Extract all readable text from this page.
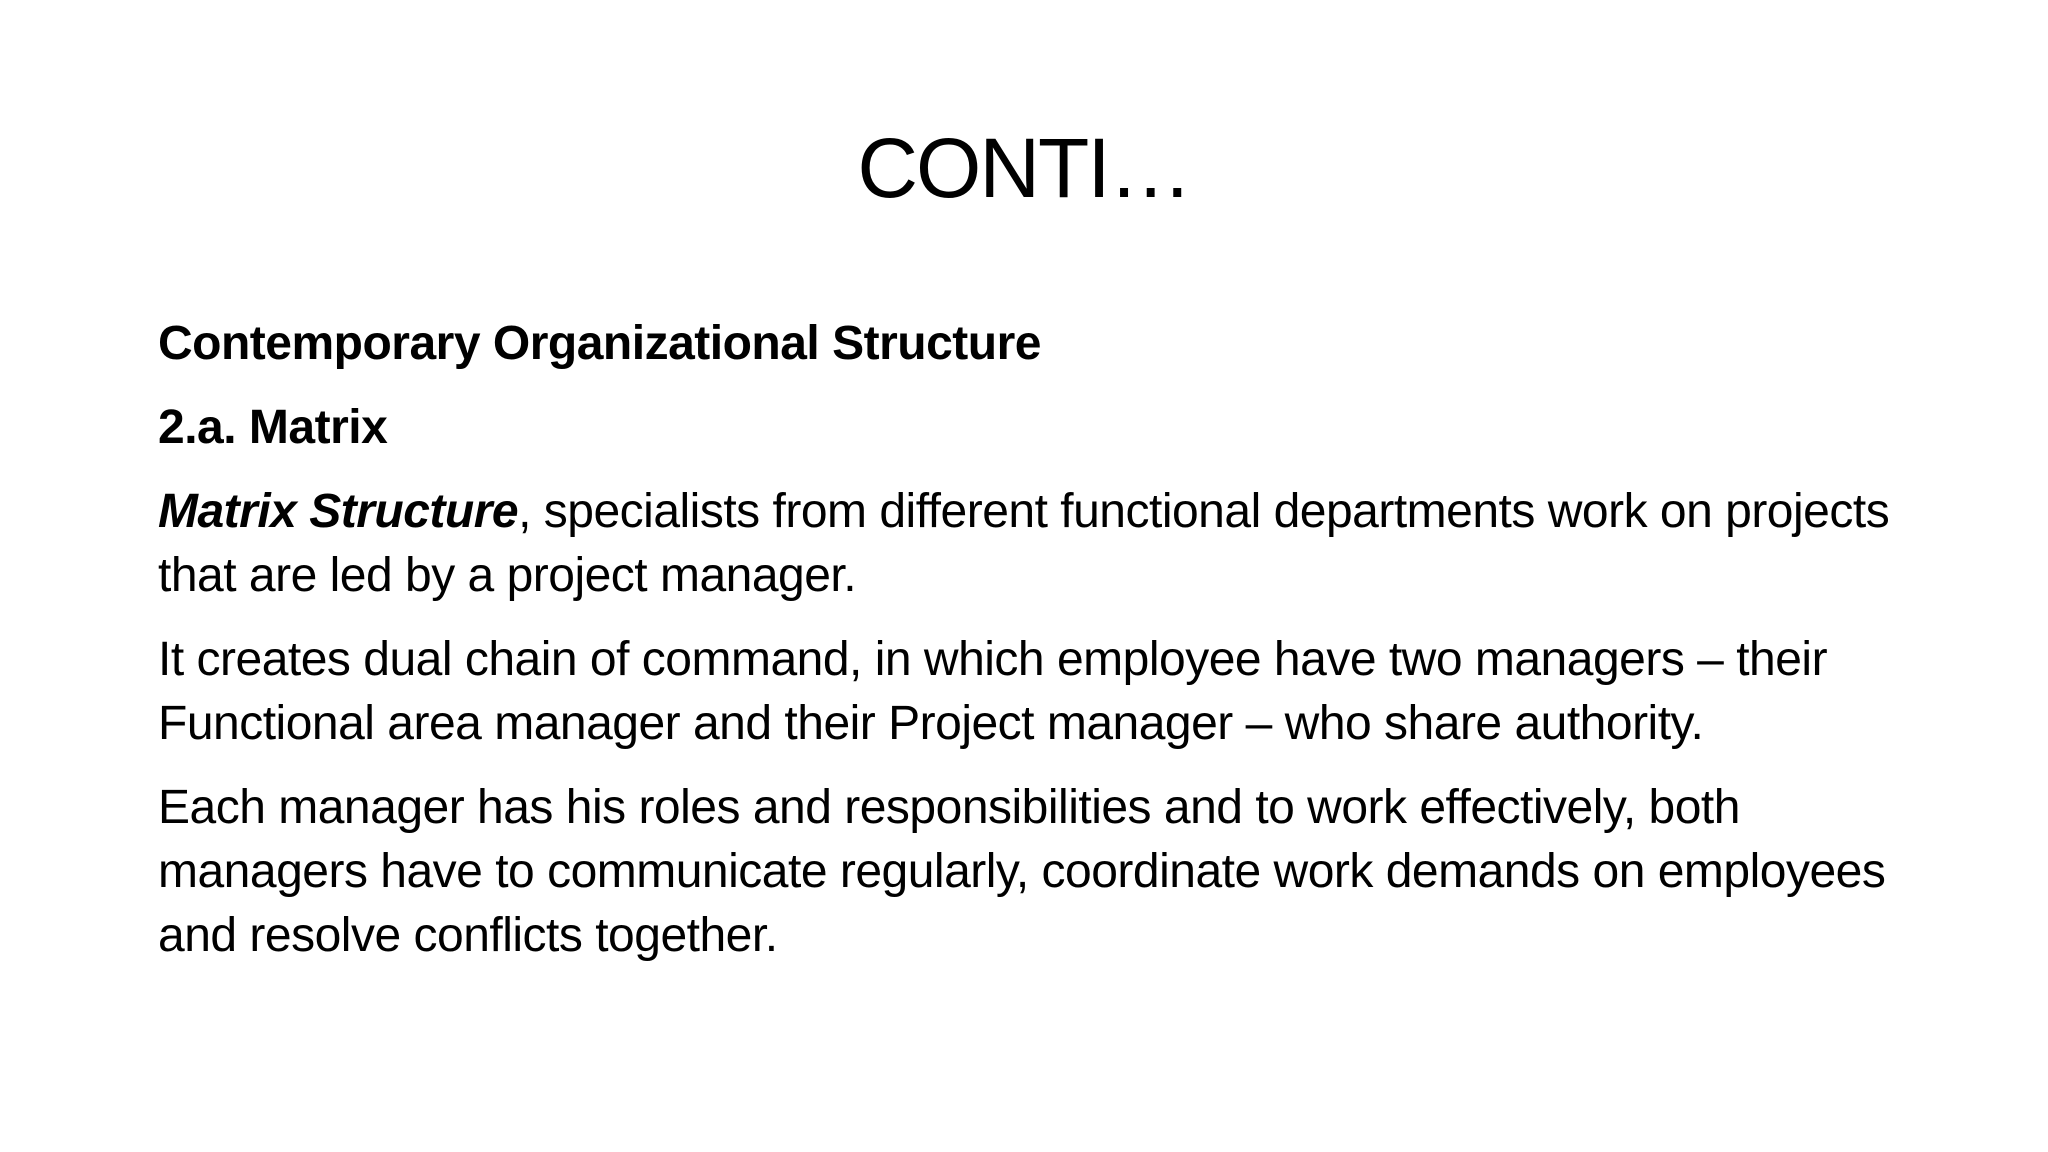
CONTI…

Contemporary Organizational Structure

2.a. Matrix

Matrix Structure, specialists from different functional departments work on projects that are led by a project manager.

It creates dual chain of command, in which employee have two managers – their Functional area manager and their Project manager – who share authority.

Each manager has his roles and responsibilities and to work effectively, both managers have to communicate regularly, coordinate work demands on employees and resolve conflicts together.
